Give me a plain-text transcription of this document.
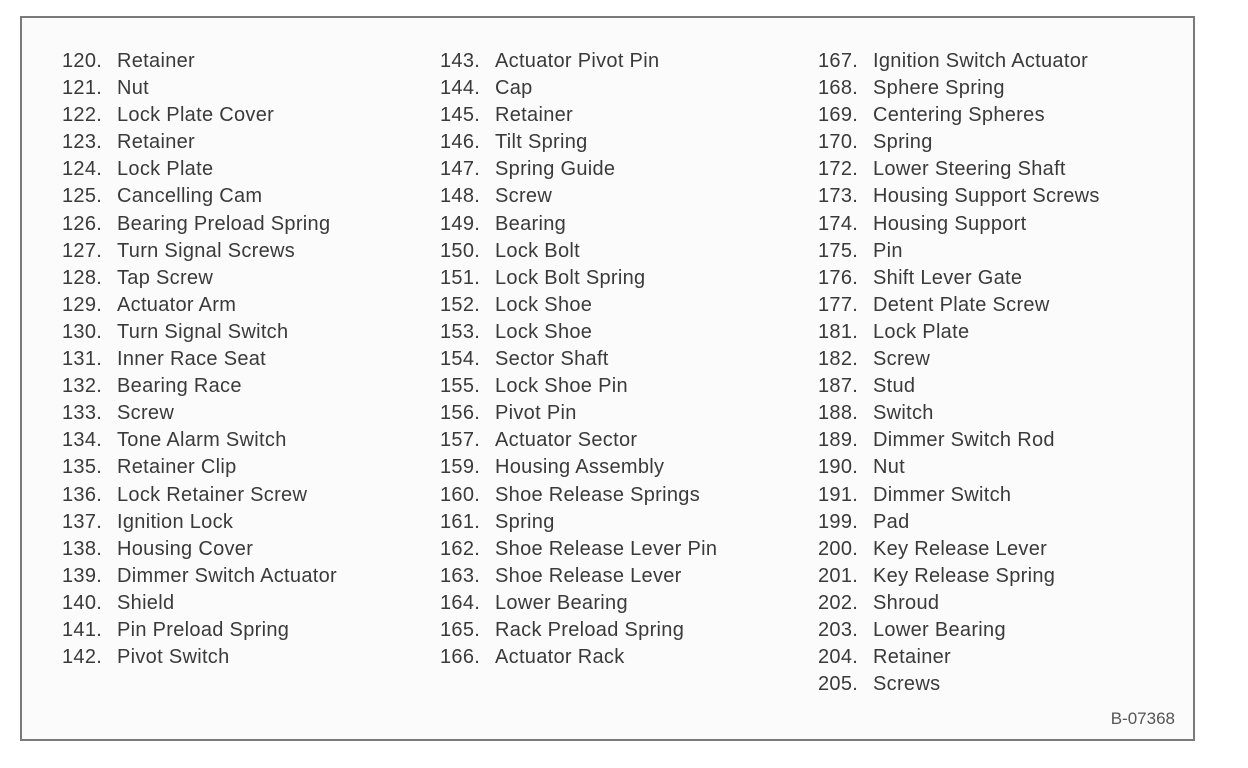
120. Retainer
121. Nut
122. Lock Plate Cover
123. Retainer
124. Lock Plate
125. Cancelling Cam
126. Bearing Preload Spring
127. Turn Signal Screws
128. Tap Screw
129. Actuator Arm
130. Turn Signal Switch
131. Inner Race Seat
132. Bearing Race
133. Screw
134. Tone Alarm Switch
135. Retainer Clip
136. Lock Retainer Screw
137. Ignition Lock
138. Housing Cover
139. Dimmer Switch Actuator
140. Shield
141. Pin Preload Spring
142. Pivot Switch
143. Actuator Pivot Pin
144. Cap
145. Retainer
146. Tilt Spring
147. Spring Guide
148. Screw
149. Bearing
150. Lock Bolt
151. Lock Bolt Spring
152. Lock Shoe
153. Lock Shoe
154. Sector Shaft
155. Lock Shoe Pin
156. Pivot Pin
157. Actuator Sector
159. Housing Assembly
160. Shoe Release Springs
161. Spring
162. Shoe Release Lever Pin
163. Shoe Release Lever
164. Lower Bearing
165. Rack Preload Spring
166. Actuator Rack
167. Ignition Switch Actuator
168. Sphere Spring
169. Centering Spheres
170. Spring
172. Lower Steering Shaft
173. Housing Support Screws
174. Housing Support
175. Pin
176. Shift Lever Gate
177. Detent Plate Screw
181. Lock Plate
182. Screw
187. Stud
188. Switch
189. Dimmer Switch Rod
190. Nut
191. Dimmer Switch
199. Pad
200. Key Release Lever
201. Key Release Spring
202. Shroud
203. Lower Bearing
204. Retainer
205. Screws
B-07368
